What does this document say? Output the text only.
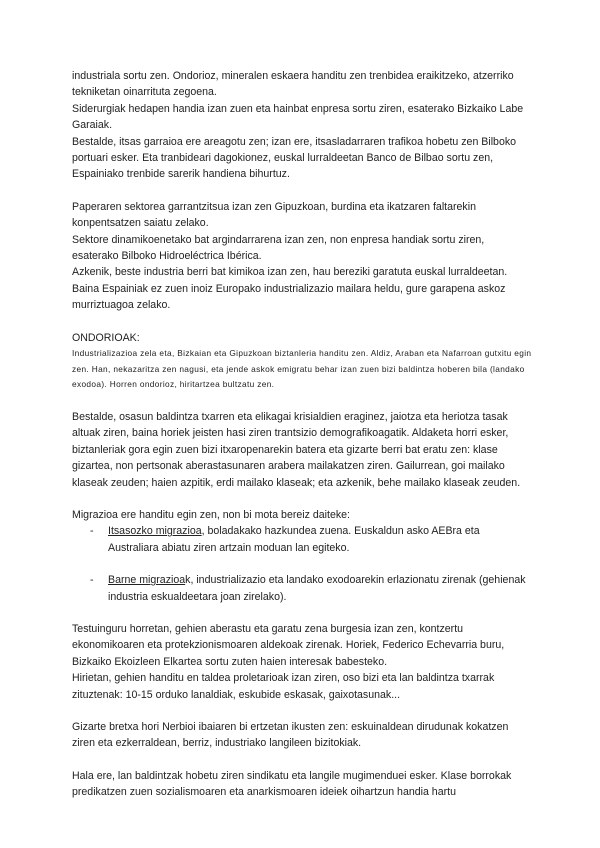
industriala sortu zen. Ondorioz, mineralen eskaera handitu zen trenbidea eraikitzeko, atzerriko tekniketan oinarrituta zegoena.

Siderurgiak hedapen handia izan zuen eta hainbat enpresa sortu ziren, esaterako Bizkaiko Labe Garaiak.

Bestalde, itsas garraioa ere areagotu zen; izan ere, itsasladarraren trafikoa hobetu zen Bilboko portuari esker. Eta tranbideari dagokionez, euskal lurraldeetan Banco de Bilbao sortu zen, Espainiako trenbide sarerik handiena bihurtuz.

Paperaren sektorea garrantzitsua izan zen Gipuzkoan, burdina eta ikatzaren faltarekin konpentsatzen saiatu zelako.

Sektore dinamikoenetako bat argindarrarena izan zen, non enpresa handiak sortu ziren, esaterako Bilboko Hidroeléctrica Ibérica.

Azkenik, beste industria berri bat kimikoa izan zen, hau bereziki garatuta euskal lurraldeetan. Baina Espainiak ez zuen inoiz Europako industrializazio mailara heldu, gure garapena askoz murriztuagoa zelako.

ONDORIOAK:

Industrializazioa zela eta, Bizkaian eta Gipuzkoan biztanleria handitu zen. Aldiz, Araban eta Nafarroan gutxitu egin zen. Han, nekazaritza zen nagusi, eta jende askok emigratu behar izan zuen bizi baldintza hoberen bila (landako exodoa). Horren ondorioz, hiritartzea bultzatu zen.

Bestalde, osasun baldintza txarren eta elikagai krisialdien eraginez, jaiotza eta heriotza tasak altuak ziren, baina horiek jeisten hasi ziren trantsizio demografikoagatik. Aldaketa horri esker, biztanleriak gora egin zuen bizi itxaropenarekin batera eta gizarte berri bat eratu zen: klase gizartea, non pertsonak aberastasunaren arabera mailakatzen ziren. Gailurrean, goi mailako klaseak zeuden; haien azpitik, erdi mailako klaseak; eta azkenik, behe mailako klaseak zeuden.

Migrazioa ere handitu egin zen, non bi mota bereiz daiteke:

- Itsasozko migrazioa, boladakako hazkundea zuena. Euskaldun asko AEBra eta Australiara abiatu ziren artzain moduan lan egiteko.
- Barne migrazioak, industrializazio eta landako exodoarekin erlazionatu zirenak (gehienak industria eskualdeetara joan zirelako).

Testuinguru horretan, gehien aberastu eta garatu zena burgesia izan zen, kontzertu ekonomikoaren eta protekzionismoaren aldekoak zirenak. Horiek, Federico Echevarria buru, Bizkaiko Ekoizleen Elkartea sortu zuten haien interesak babesteko.

Hirietan, gehien handitu en taldea proletarioak izan ziren, oso bizi eta lan baldintza txarrak zituztenak: 10-15 orduko lanaldiak, eskubide eskasak, gaixotasunak...

Gizarte bretxa hori Nerbioi ibaiaren bi ertzetan ikusten zen: eskuinaldean dirudunak kokatzen ziren eta ezkerraldean, berriz, industriako langileen bizitokiak.

Hala ere, lan baldintzak hobetu ziren sindikatu eta langile mugimenduei esker. Klase borrokak predikatzen zuen sozialismoaren eta anarkismoaren ideiek oihartzun handia hartu
